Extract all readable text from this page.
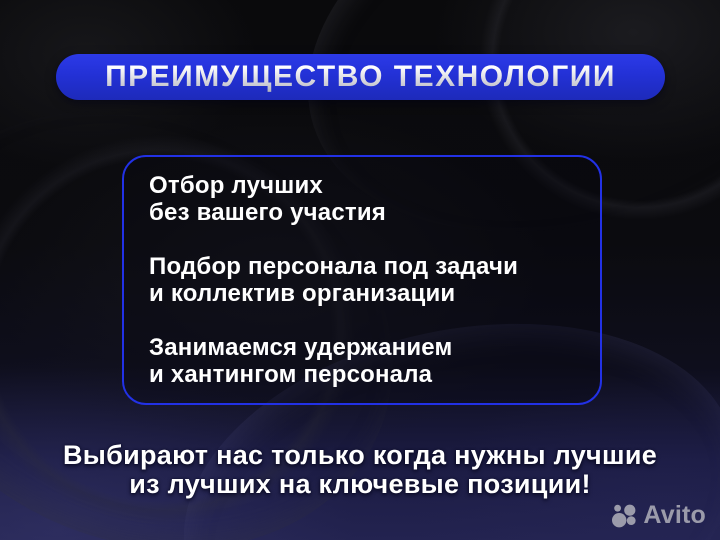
ПРЕИМУЩЕСТВО ТЕХНОЛОГИИ
Отбор лучших
без вашего участия
Подбор персонала под задачи
и коллектив организации
Занимаемся удержанием
и хантингом персонала
Выбирают нас только когда нужны лучшие
из лучших на ключевые позиции!
Avito
